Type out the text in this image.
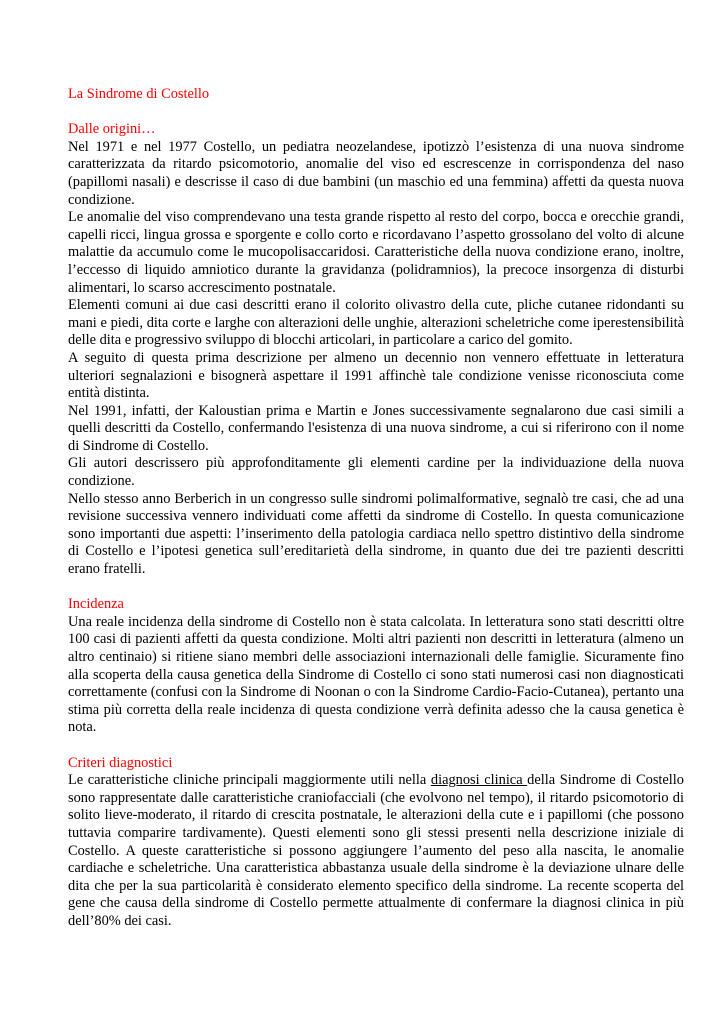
La Sindrome di Costello

Dalle origini…

Nel 1971 e nel 1977 Costello, un pediatra neozelandese, ipotizzò l’esistenza di una nuova sindrome caratterizzata da ritardo psicomotorio, anomalie del viso ed escrescenze in corrispondenza del naso (papillomi nasali) e descrisse il caso di due bambini (un maschio ed una femmina) affetti da questa nuova condizione.

Le anomalie del viso comprendevano una testa grande rispetto al resto del corpo, bocca e orecchie grandi, capelli ricci, lingua grossa e sporgente e collo corto e ricordavano l’aspetto grossolano del volto di alcune malattie da accumulo come le mucopolisaccaridosi. Caratteristiche della nuova condizione erano, inoltre, l’eccesso di liquido amniotico durante la gravidanza (polidramnios), la precoce insorgenza di disturbi alimentari, lo scarso accrescimento postnatale.

Elementi comuni ai due casi descritti erano il colorito olivastro della cute, pliche cutanee ridondanti su mani e piedi, dita corte e larghe con alterazioni delle unghie, alterazioni scheletriche come iperestensibilità delle dita e progressivo sviluppo di blocchi articolari, in particolare a carico del gomito.

A seguito di questa prima descrizione per almeno un decennio non vennero effettuate in letteratura ulteriori segnalazioni e bisognerà aspettare il 1991 affinchè tale condizione venisse riconosciuta come entità distinta.

Nel 1991, infatti, der Kaloustian prima e Martin e Jones successivamente segnalarono due casi simili a quelli descritti da Costello, confermando l'esistenza di una nuova sindrome, a cui si riferirono con il nome di Sindrome di Costello.

Gli autori descrissero più approfonditamente gli elementi cardine per la individuazione della nuova condizione.

Nello stesso anno Berberich in un congresso sulle sindromi polimalformative, segnalò tre casi, che ad una revisione successiva vennero individuati come affetti da sindrome di Costello. In questa comunicazione sono importanti due aspetti: l’inserimento della patologia cardiaca nello spettro distintivo della sindrome di Costello e l’ipotesi genetica sull’ereditarietà della sindrome, in quanto due dei tre pazienti descritti erano fratelli.

Incidenza

Una reale incidenza della sindrome di Costello non è stata calcolata. In letteratura sono stati descritti oltre 100 casi di pazienti affetti da questa condizione. Molti altri pazienti non descritti in letteratura (almeno un altro centinaio) si ritiene siano membri delle associazioni internazionali delle famiglie. Sicuramente fino alla scoperta della causa genetica della Sindrome di Costello ci sono stati numerosi casi non diagnosticati correttamente (confusi con la Sindrome di Noonan o con la Sindrome Cardio-Facio-Cutanea), pertanto una stima più corretta della reale incidenza di questa condizione verrà definita adesso che la causa genetica è nota.

Criteri diagnostici

Le caratteristiche cliniche principali maggiormente utili nella diagnosi clinica della Sindrome di Costello sono rappresentate dalle caratteristiche craniofacciali (che evolvono nel tempo), il ritardo psicomotorio di solito lieve-moderato, il ritardo di crescita postnatale, le alterazioni della cute e i papillomi (che possono tuttavia comparire tardivamente). Questi elementi sono gli stessi presenti nella descrizione iniziale di Costello. A queste caratteristiche si possono aggiungere l’aumento del peso alla nascita, le anomalie cardiache e scheletriche. Una caratteristica abbastanza usuale della sindrome è la deviazione ulnare delle dita che per la sua particolarità è considerato elemento specifico della sindrome. La recente scoperta del gene che causa della sindrome di Costello permette attualmente di confermare la diagnosi clinica in più dell’80% dei casi.
